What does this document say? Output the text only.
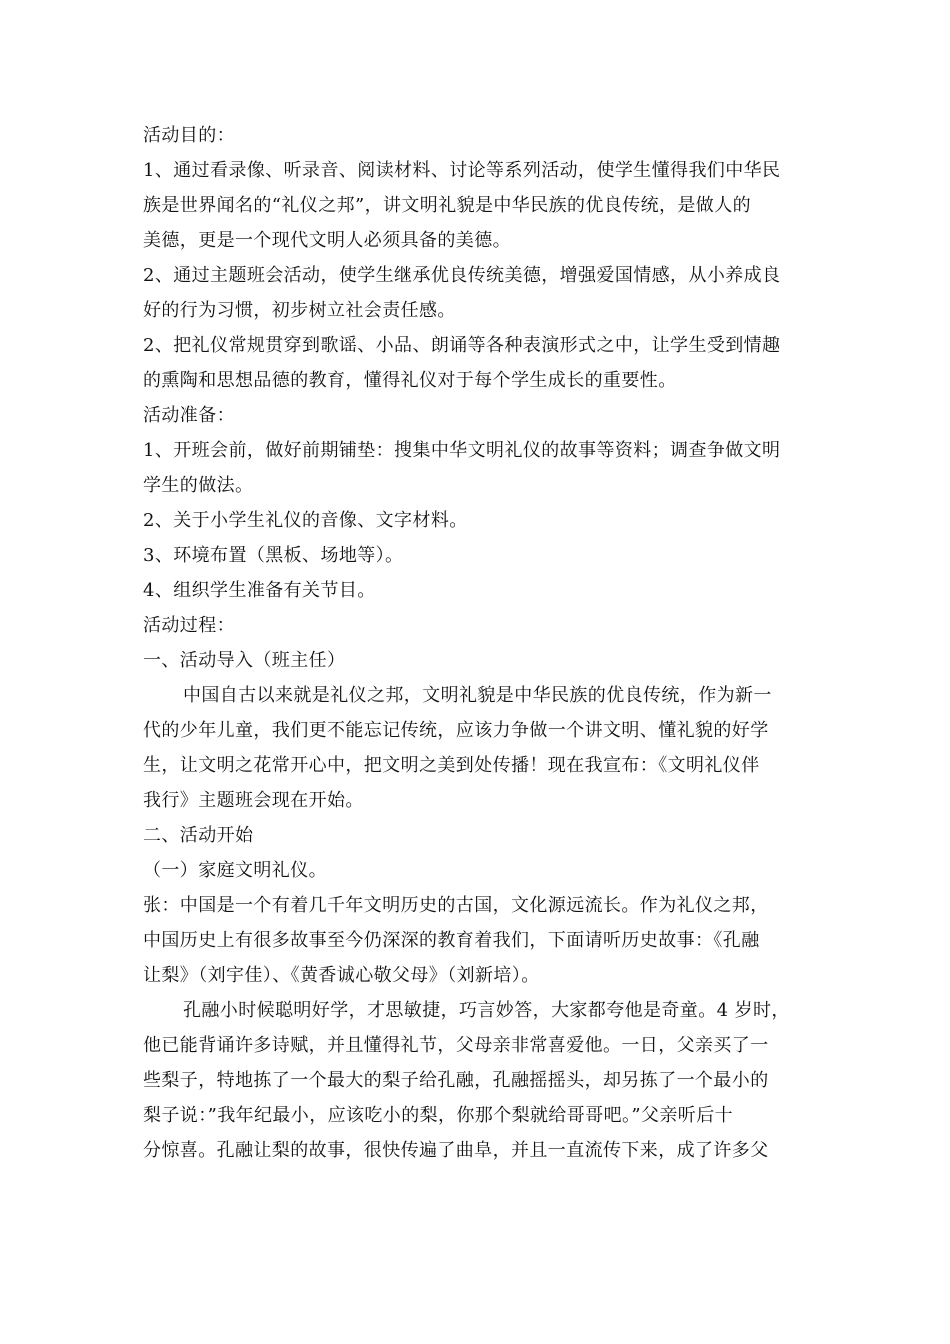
活动目的：
1、通过看录像、听录音、阅读材料、讨论等系列活动，使学生懂得我们中华民
族是世界闻名的“礼仪之邦”，讲文明礼貌是中华民族的优良传统，是做人的
美德，更是一个现代文明人必须具备的美德。
2、通过主题班会活动，使学生继承优良传统美德，增强爱国情感，从小养成良
好的行为习惯，初步树立社会责任感。
2、把礼仪常规贯穿到歌谣、小品、朗诵等各种表演形式之中，让学生受到情趣
的熏陶和思想品德的教育，懂得礼仪对于每个学生成长的重要性。
活动准备：
1、开班会前，做好前期铺垫：搜集中华文明礼仪的故事等资料；调查争做文明
学生的做法。
2、关于小学生礼仪的音像、文字材料。
3、环境布置（黑板、场地等）。
4、组织学生准备有关节目。
活动过程：
一、活动导入（班主任）
中国自古以来就是礼仪之邦，文明礼貌是中华民族的优良传统，作为新一
代的少年儿童，我们更不能忘记传统，应该力争做一个讲文明、懂礼貌的好学
生，让文明之花常开心中，把文明之美到处传播！现在我宣布：《文明礼仪伴
我行》主题班会现在开始。
二、活动开始
（一）家庭文明礼仪。
张：中国是一个有着几千年文明历史的古国，文化源远流长。作为礼仪之邦，
中国历史上有很多故事至今仍深深的教育着我们，下面请听历史故事：《孔融
让梨》（刘宇佳）、《黄香诚心敬父母》（刘新培）。
孔融小时候聪明好学，才思敏捷，巧言妙答，大家都夸他是奇童。4 岁时，
他已能背诵许多诗赋，并且懂得礼节，父母亲非常喜爱他。一日，父亲买了一
些梨子，特地拣了一个最大的梨子给孔融，孔融摇摇头，却另拣了一个最小的
梨子说：”我年纪最小，应该吃小的梨，你那个梨就给哥哥吧。”父亲听后十
分惊喜。孔融让梨的故事，很快传遍了曲阜，并且一直流传下来，成了许多父
